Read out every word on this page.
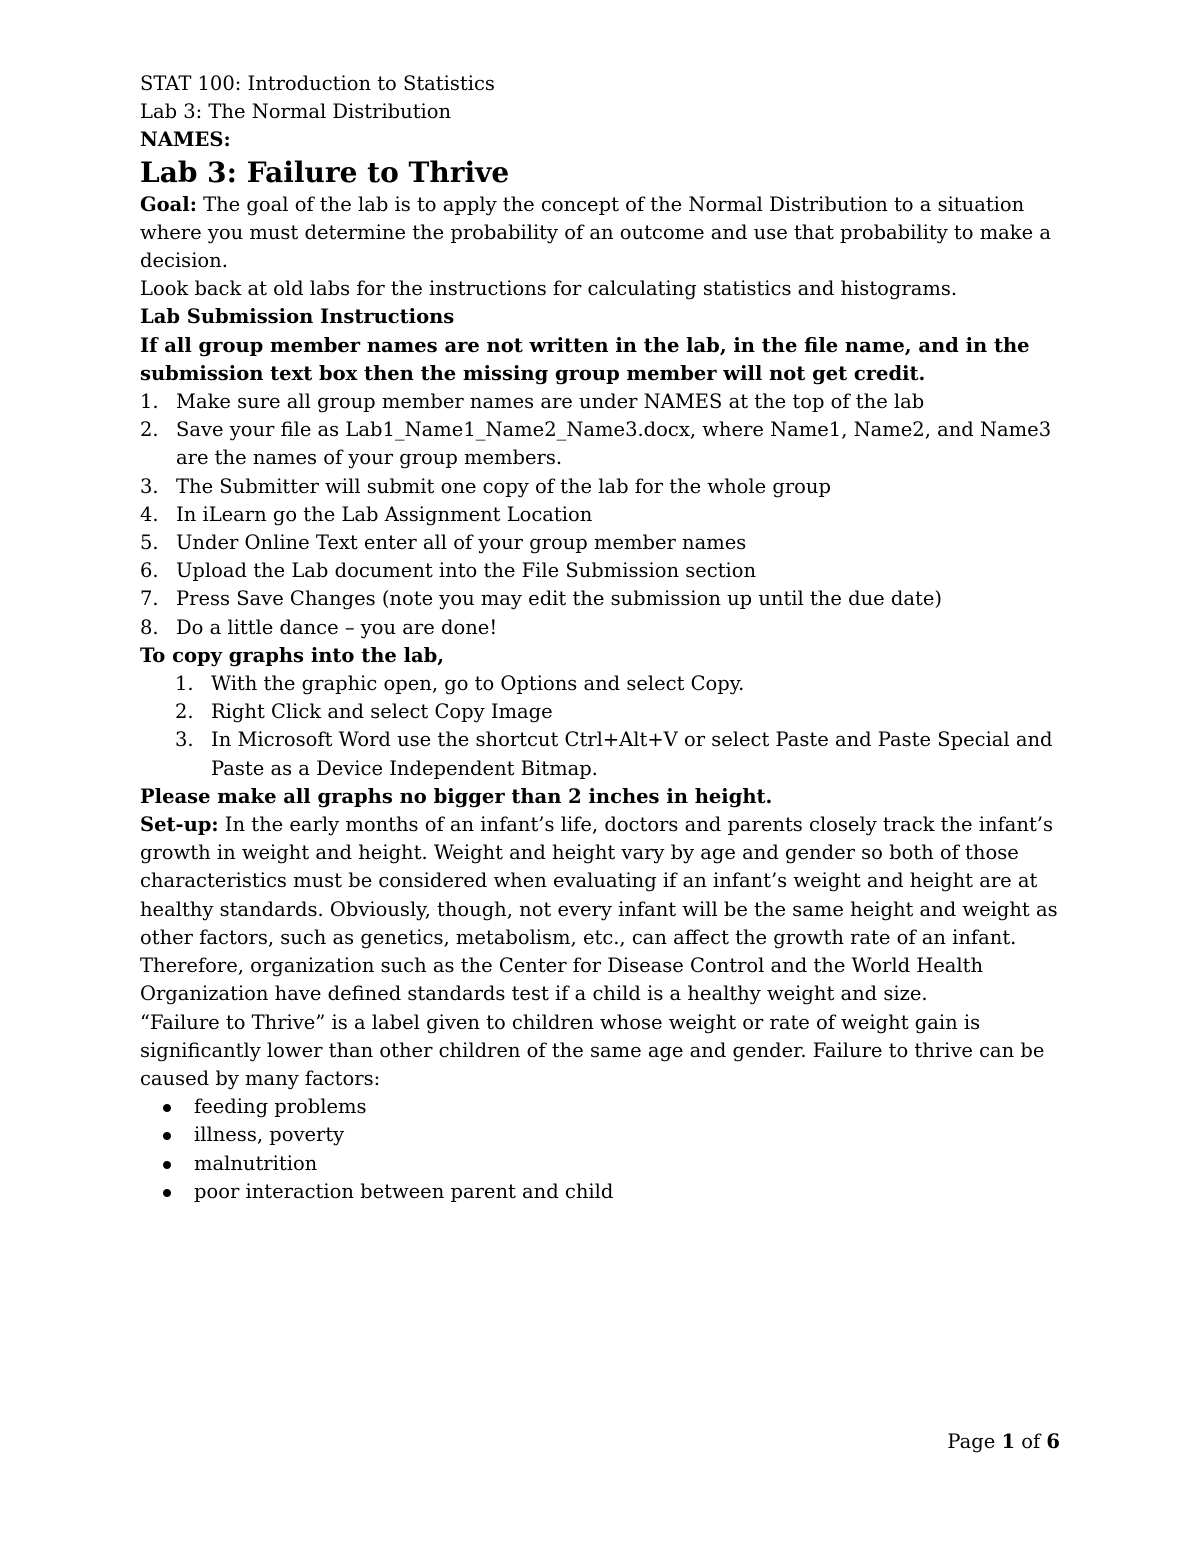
STAT 100: Introduction to Statistics

Lab 3: The Normal Distribution

NAMES:

Lab 3: Failure to Thrive

Goal: The goal of the lab is to apply the concept of the Normal Distribution to a situation where you must determine the probability of an outcome and use that probability to make a decision.

Look back at old labs for the instructions for calculating statistics and histograms.

Lab Submission Instructions

If all group member names are not written in the lab, in the file name, and in the submission text box then the missing group member will not get credit.

1. Make sure all group member names are under NAMES at the top of the lab
2. Save your file as Lab1_Name1_Name2_Name3.docx, where Name1, Name2, and Name3 are the names of your group members.
3. The Submitter will submit one copy of the lab for the whole group
4. In iLearn go the Lab Assignment Location
5. Under Online Text enter all of your group member names
6. Upload the Lab document into the File Submission section
7. Press Save Changes (note you may edit the submission up until the due date)
8. Do a little dance – you are done!

To copy graphs into the lab,

1. With the graphic open, go to Options and select Copy.
2. Right Click and select Copy Image
3. In Microsoft Word use the shortcut Ctrl+Alt+V or select Paste and Paste Special and Paste as a Device Independent Bitmap.

Please make all graphs no bigger than 2 inches in height.

Set-up: In the early months of an infant’s life, doctors and parents closely track the infant’s growth in weight and height. Weight and height vary by age and gender so both of those characteristics must be considered when evaluating if an infant’s weight and height are at healthy standards. Obviously, though, not every infant will be the same height and weight as other factors, such as genetics, metabolism, etc., can affect the growth rate of an infant. Therefore, organization such as the Center for Disease Control and the World Health Organization have defined standards test if a child is a healthy weight and size.

“Failure to Thrive” is a label given to children whose weight or rate of weight gain is significantly lower than other children of the same age and gender. Failure to thrive can be caused by many factors:

feeding problems
illness, poverty
malnutrition
poor interaction between parent and child
Page 1 of 6
